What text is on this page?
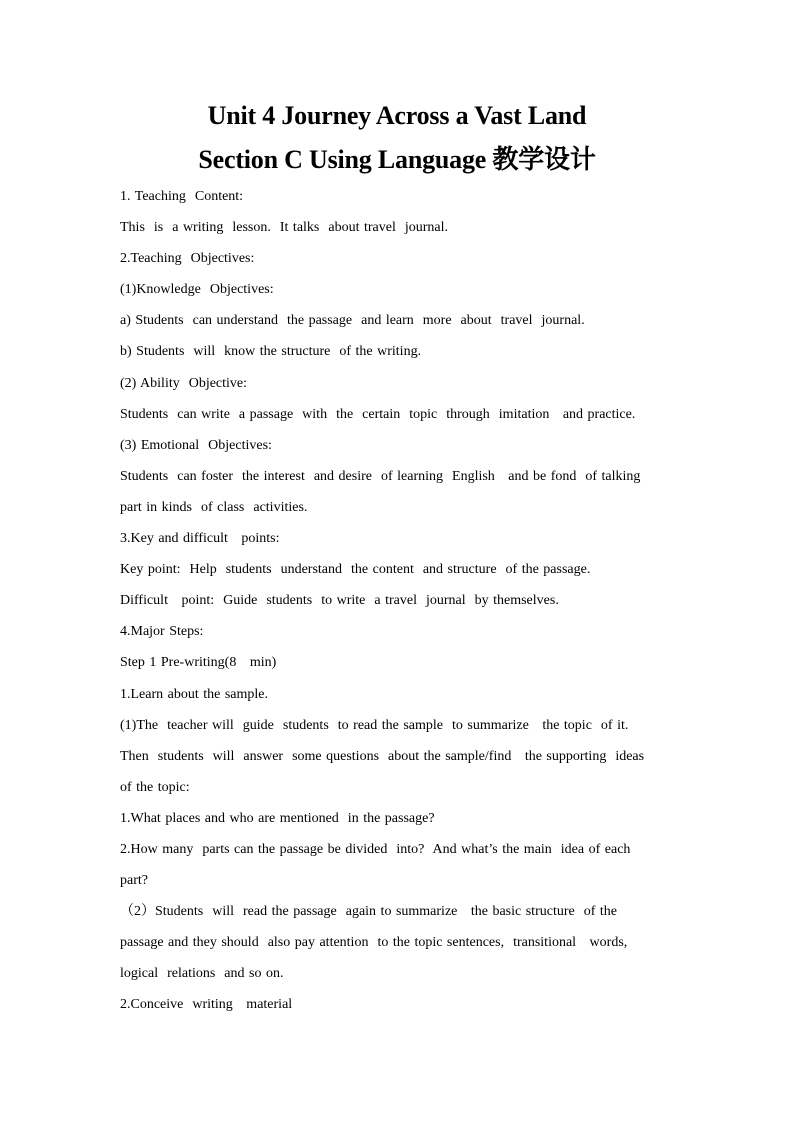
Unit 4 Journey Across a Vast Land
Section C Using Language 教学设计
1. Teaching  Content:
This  is  a writing  lesson.  It talks  about travel  journal.
2.Teaching  Objectives:
(1)Knowledge  Objectives:
a) Students  can understand  the passage  and learn  more  about  travel  journal.
b) Students  will  know the structure  of the writing.
(2) Ability  Objective:
Students  can write  a passage  with  the  certain  topic  through  imitation   and practice.
(3) Emotional  Objectives:
Students  can foster  the interest  and desire  of learning  English   and be fond  of talking
part in kinds  of class  activities.
3.Key and difficult   points:
Key point:  Help  students  understand  the content  and structure  of the passage.
Difficult   point:  Guide  students  to write  a travel  journal  by themselves.
4.Major Steps:
Step 1 Pre-writing(8   min)
1.Learn about the sample.
(1)The  teacher will  guide  students  to read the sample  to summarize   the topic  of it.
Then  students  will  answer  some questions  about the sample/find   the supporting  ideas
of the topic:
1.What places and who are mentioned  in the passage?
2.How many  parts can the passage be divided  into?  And what’s the main  idea of each
part?
（2）Students  will  read the passage  again to summarize   the basic structure  of the
passage and they should  also pay attention  to the topic sentences,  transitional   words,
logical  relations  and so on.
2.Conceive  writing   material
